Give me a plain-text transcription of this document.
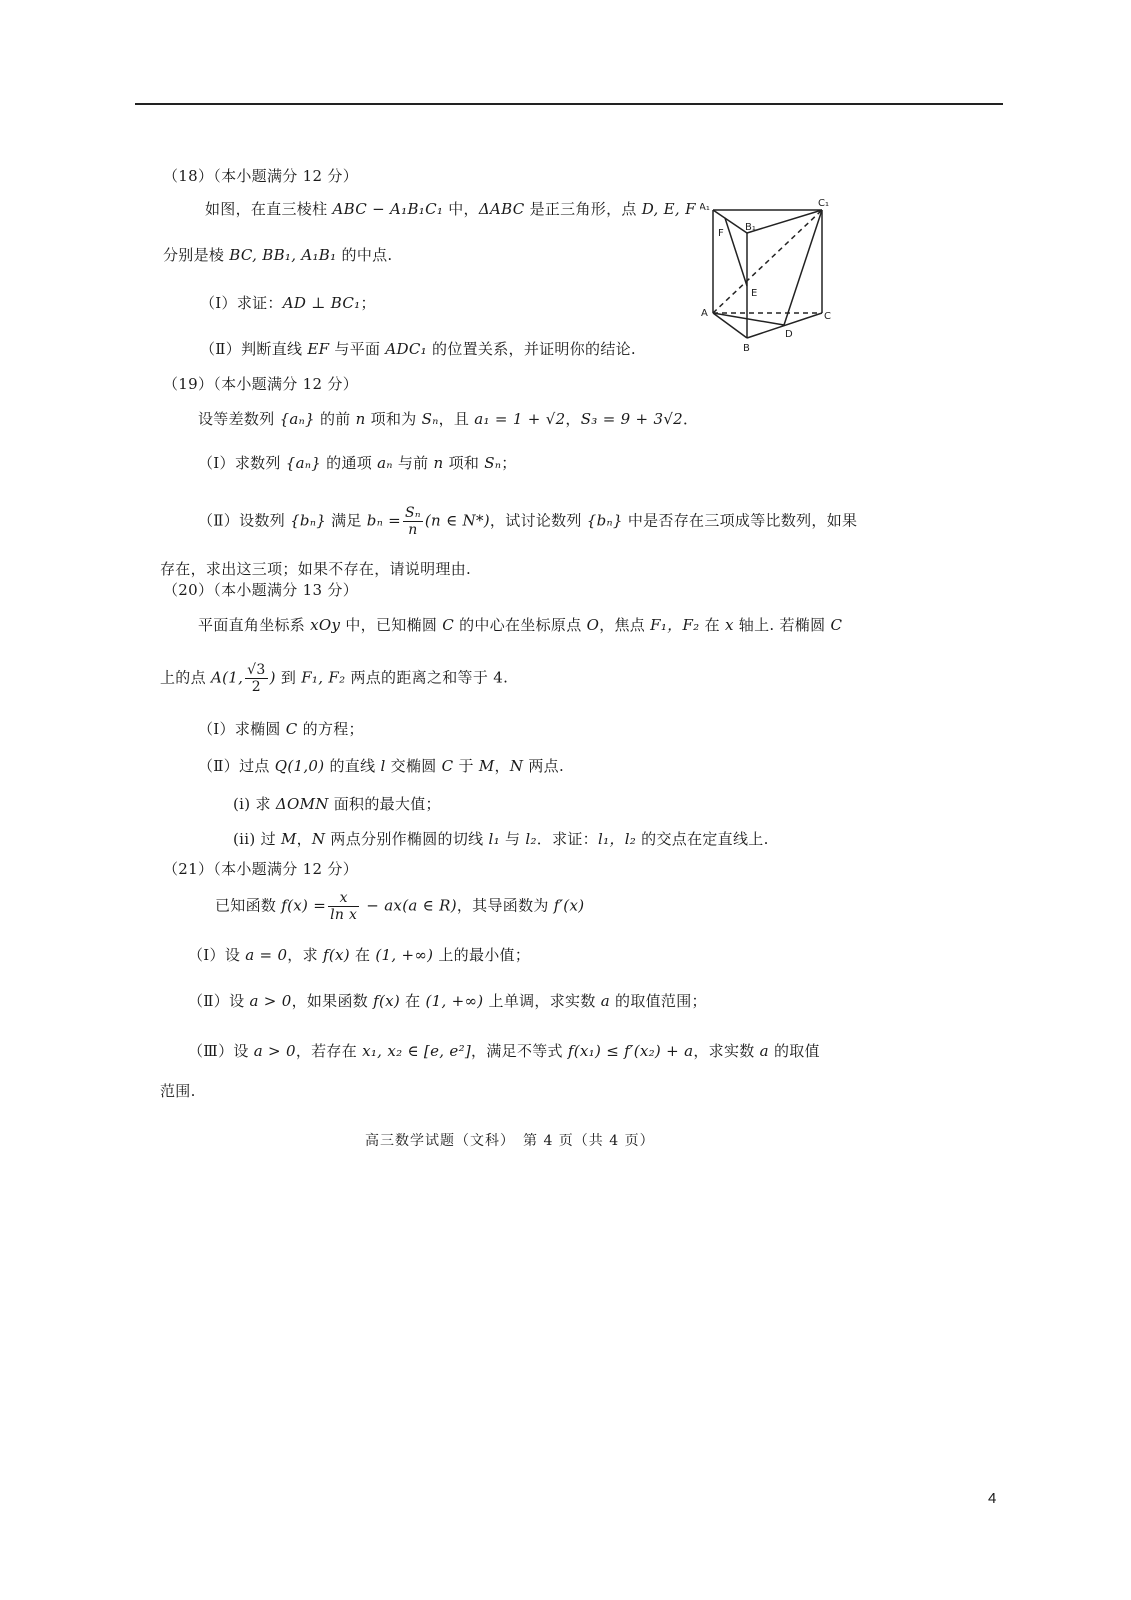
（18）（本小题满分 12 分）
如图，在直三棱柱 ABC − A₁B₁C₁ 中，ΔABC 是正三角形，点 D, E, F
分别是棱 BC, BB₁, A₁B₁ 的中点.
（Ⅰ）求证：AD ⊥ BC₁；
（Ⅱ）判断直线 EF 与平面 ADC₁ 的位置关系，并证明你的结论.
A₁	C₁
B₁
F
E
A	C
D
B
（19）（本小题满分 12 分）
设等差数列 {aₙ} 的前 n 项和为 Sₙ，且 a₁ = 1 + √2，S₃ = 9 + 3√2．
（Ⅰ）求数列 {aₙ} 的通项 aₙ 与前 n 项和 Sₙ；
（Ⅱ）设数列 {bₙ} 满足 $b_n = \frac{\text{Sₙ}}{n} (n$ ∈ N*)，试讨论数列 {bₙ} 中是否存在三项成等比数列，如果
存在，求出这三项；如果不存在，请说明理由.
（20）（本小题满分 13 分）
平面直角坐标系 xOy 中，已知椭圆 C 的中心在坐标原点 O，焦点 F₁，F₂ 在 x 轴上. 若椭圆 C
上的点 A(1, $\frac{√3}{2}$ ) 到 F₁, F₂ 两点的距离之和等于 4.
（Ⅰ）求椭圆 C 的方程；
（Ⅱ）过点 Q(1,0) 的直线 l 交椭圆 C 于 M，N 两点.
(i) 求 ΔOMN 面积的最大值；
(ii) 过 M，N 两点分别作椭圆的切线 l₁ 与 l₂．求证：l₁，l₂ 的交点在定直线上.
（21）（本小题满分 12 分）
已知函数 $f(x) = \frac{x}{\text{ln x}} - ax(a$ ∈ R)，其导函数为 f′(x)
（Ⅰ）设 a = 0，求 f(x) 在 (1, +∞) 上的最小值；
（Ⅱ）设 a > 0，如果函数 f(x) 在 (1, +∞) 上单调，求实数 a 的取值范围；
（Ⅲ）设 a > 0，若存在 x₁, x₂ ∈ [e, e²]，满足不等式 f(x₁) ≤ f′(x₂) + a，求实数 a 的取值
范围.
高三数学试题（文科）　第 4 页（共 4 页）
4
